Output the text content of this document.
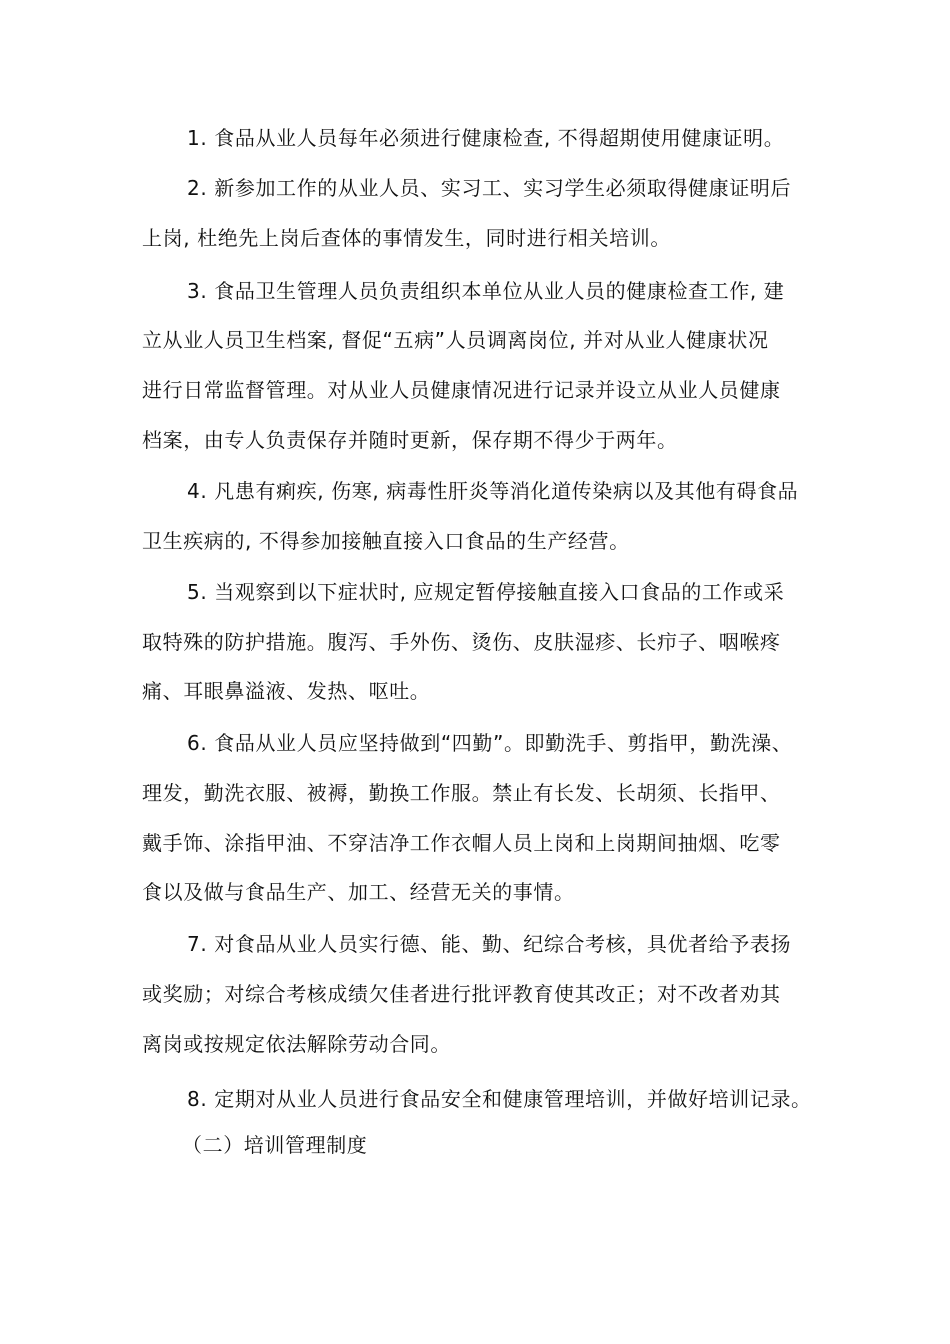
1. 食品从业人员每年必须进行健康检查, 不得超期使用健康证明。
2. 新参加工作的从业人员、实习工、实习学生必须取得健康证明后
上岗, 杜绝先上岗后查体的事情发生，同时进行相关培训。
3. 食品卫生管理人员负责组织本单位从业人员的健康检查工作, 建
立从业人员卫生档案, 督促“五病”人员调离岗位, 并对从业人健康状况
进行日常监督管理。对从业人员健康情况进行记录并设立从业人员健康
档案，由专人负责保存并随时更新，保存期不得少于两年。
4. 凡患有痢疾, 伤寒, 病毒性肝炎等消化道传染病以及其他有碍食品
卫生疾病的, 不得参加接触直接入口食品的生产经营。
5. 当观察到以下症状时, 应规定暂停接触直接入口食品的工作或采
取特殊的防护措施。腹泻、手外伤、烫伤、皮肤湿疹、长疖子、咽喉疼
痛、耳眼鼻溢液、发热、呕吐。
6. 食品从业人员应坚持做到“四勤”。即勤洗手、剪指甲，勤洗澡、
理发，勤洗衣服、被褥，勤换工作服。禁止有长发、长胡须、长指甲、
戴手饰、涂指甲油、不穿洁净工作衣帽人员上岗和上岗期间抽烟、吃零
食以及做与食品生产、加工、经营无关的事情。
7. 对食品从业人员实行德、能、勤、纪综合考核，具优者给予表扬
或奖励；对综合考核成绩欠佳者进行批评教育使其改正；对不改者劝其
离岗或按规定依法解除劳动合同。
8. 定期对从业人员进行食品安全和健康管理培训，并做好培训记录。
（二）培训管理制度
